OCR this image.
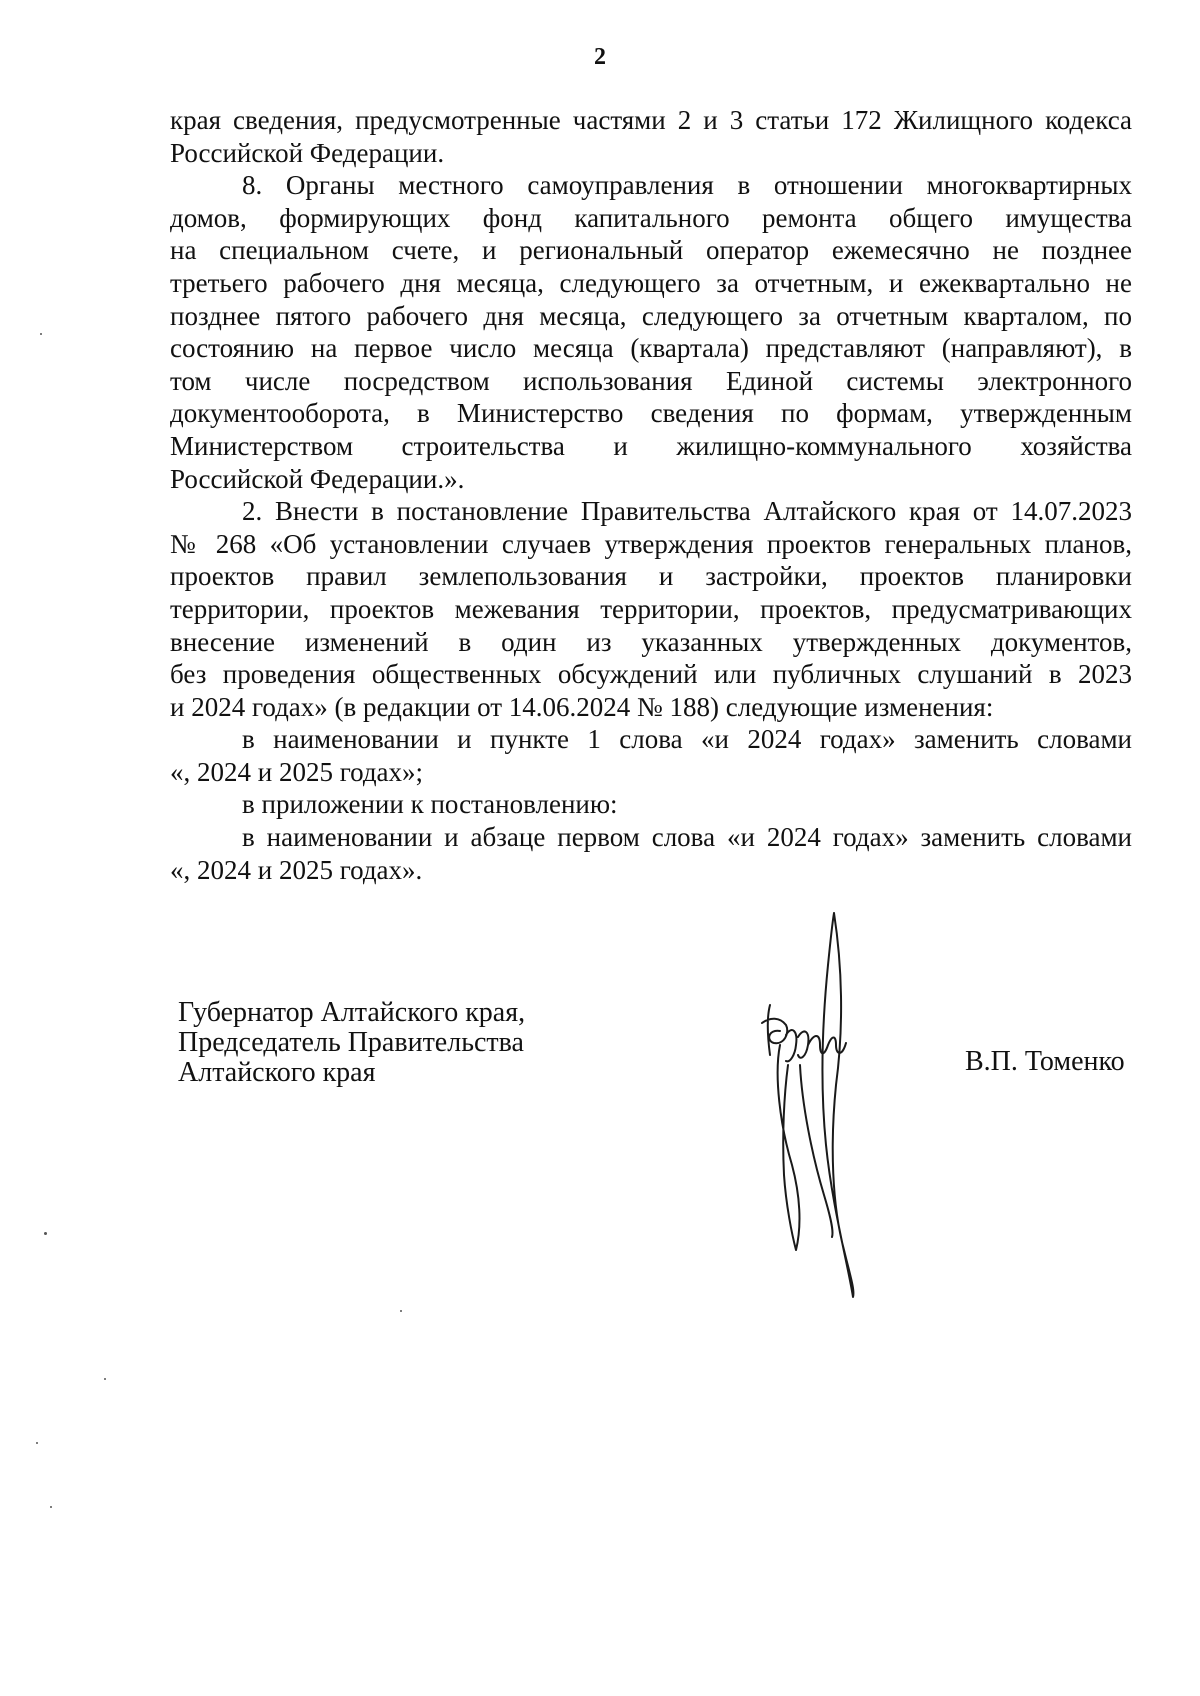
2
края сведения, предусмотренные частями 2 и 3 статьи 172 Жилищного кодекса
Российской Федерации.
8. Органы местного самоуправления в отношении многоквартирных
домов, формирующих фонд капитального ремонта общего имущества
на специальном счете, и региональный оператор ежемесячно не позднее
третьего рабочего дня месяца, следующего за отчетным, и ежеквартально не
позднее пятого рабочего дня месяца, следующего за отчетным кварталом, по
состоянию на первое число месяца (квартала) представляют (направляют), в
том числе посредством использования Единой системы электронного
документооборота, в Министерство сведения по формам, утвержденным
Министерством строительства и жилищно-коммунального хозяйства
Российской Федерации.».
2. Внести в постановление Правительства Алтайского края от 14.07.2023
№ 268 «Об установлении случаев утверждения проектов генеральных планов,
проектов правил землепользования и застройки, проектов планировки
территории, проектов межевания территории, проектов, предусматривающих
внесение изменений в один из указанных утвержденных документов,
без проведения общественных обсуждений или публичных слушаний в 2023
и 2024 годах» (в редакции от 14.06.2024 № 188) следующие изменения:
в наименовании и пункте 1 слова «и 2024 годах» заменить словами
«, 2024 и 2025 годах»;
в приложении к постановлению:
в наименовании и абзаце первом слова «и 2024 годах» заменить словами
«, 2024 и 2025 годах».
Губернатор Алтайского края,
Председатель Правительства
Алтайского края	В.П. Томенко
